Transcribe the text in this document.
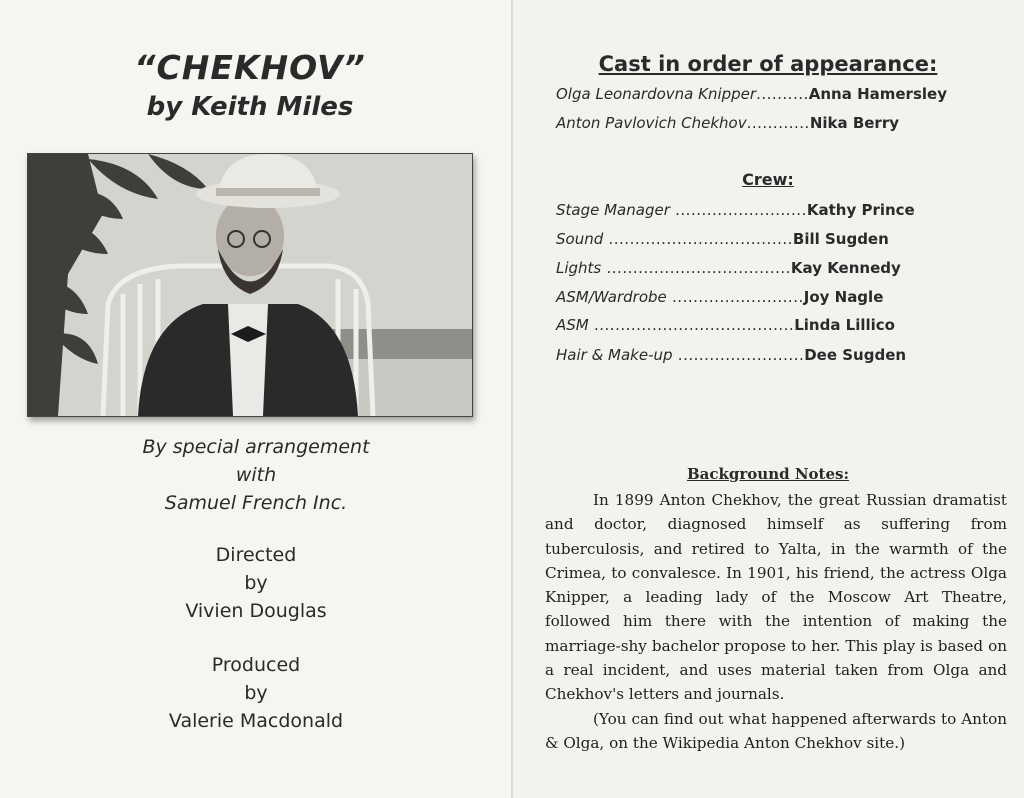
“CHEKHOV”
by Keith Miles
By special arrangement
with
Samuel French Inc.
Directed
by
Vivien Douglas
Produced
by
Valerie Macdonald
Cast in order of appearance:
Olga Leonardovna Knipper..........Anna Hamersley
Anton Pavlovich Chekhov............Nika Berry
Crew:
Stage Manager .........................Kathy Prince
Sound ...................................Bill Sugden
Lights ...................................Kay Kennedy
ASM/Wardrobe .........................Joy Nagle
ASM ......................................Linda Lillico
Hair & Make-up ........................Dee Sugden
Background Notes:

In 1899 Anton Chekhov, the great Russian dramatist and doctor, diagnosed himself as suffering from tuberculosis, and retired to Yalta, in the warmth of the Crimea, to convalesce. In 1901, his friend, the actress Olga Knipper, a leading lady of the Moscow Art Theatre, followed him there with the intention of making the marriage-shy bachelor propose to her. This play is based on a real incident, and uses material taken from Olga and Chekhov's letters and journals.

(You can find out what happened afterwards to Anton & Olga, on the Wikipedia Anton Chekhov site.)
